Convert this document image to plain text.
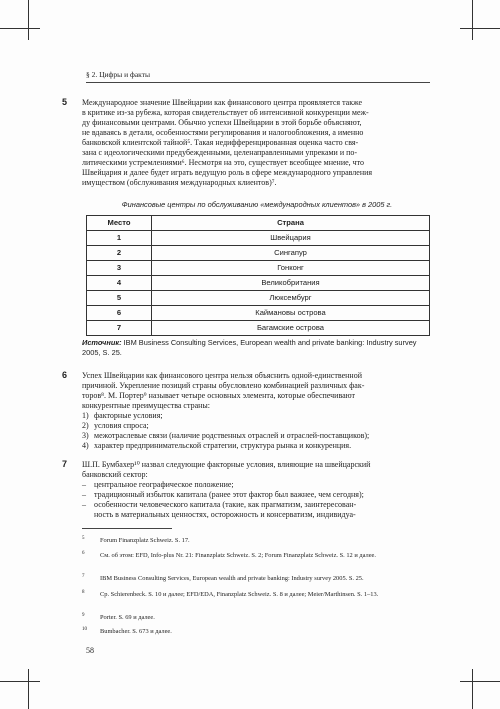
§ 2. Цифры и факты
5 Международное значение Швейцарии как финансового центра проявляется также
в критике из-за рубежа, которая свидетельствует об интенсивной конкуренции меж-
ду финансовыми центрами. Обычно успехи Швейцарии в этой борьбе объясняют,
не вдаваясь в детали, особенностями регулирования и налогообложения, а именно
банковской клиентской тайной⁵. Такая недифференцированная оценка часто свя-
зана с идеологическими предубежденными, целенаправленными упреками и по-
литическими устремлениями⁶. Несмотря на это, существует всеобщее мнение, что
Швейцария и далее будет играть ведущую роль в сфере международного управления
имуществом (обслуживания международных клиентов)⁷.
Финансовые центры по обслуживанию «международных клиентов» в 2005 г.
Место	Страна
1	Швейцария
2	Сингапур
3	Гонконг
4	Великобритания
5	Люксембург
6	Каймановы острова
7	Багамские острова
Источник: IBM Business Consulting Services, European wealth and private banking: Industry survey 2005, S. 25.
6 Успех Швейцарии как финансового центра нельзя объяснить одной-единственной
причиной. Укрепление позиций страны обусловлено комбинацией различных фак-
торов⁸. М. Портер⁹ называет четыре основных элемента, которые обеспечивают
конкурентные преимущества страны:
1) факторные условия;
2) условия спроса;
3) межотраслевые связи (наличие родственных отраслей и отраслей-поставщиков);
4) характер предпринимательской стратегии, структура рынка и конкуренция.
7 Ш.П. Бумбахер¹⁰ назвал следующие факторные условия, влияющие на швейцарский
банковский сектор:
–	центральное географическое положение;
–	традиционный избыток капитала (ранее этот фактор был важнее, чем сегодня);
–	особенности человеческого капитала (такие, как прагматизм, заинтересован-
ность в материальных ценностях, осторожность и консерватизм, индивидуа-
5 Forum Finanzplatz Schweiz. S. 17.
6 См. об этом: EFD, Info-plus Nr. 21: Finanzplatz Schweiz. S. 2; Forum Finanzplatz Schweiz. S. 12 и далее.
7 IBM Business Consulting Services, European wealth and private banking: Industry survey 2005. S. 25.
8 Ср. Schierenbeck. S. 10 и далее; EFD/EDA, Finanzplatz Schweiz. S. 8 и далее; Meier/Marthinsen. S. 1–13.
9 Porter. S. 69 и далее.
10 Bumbacher. S. 673 и далее.
58
